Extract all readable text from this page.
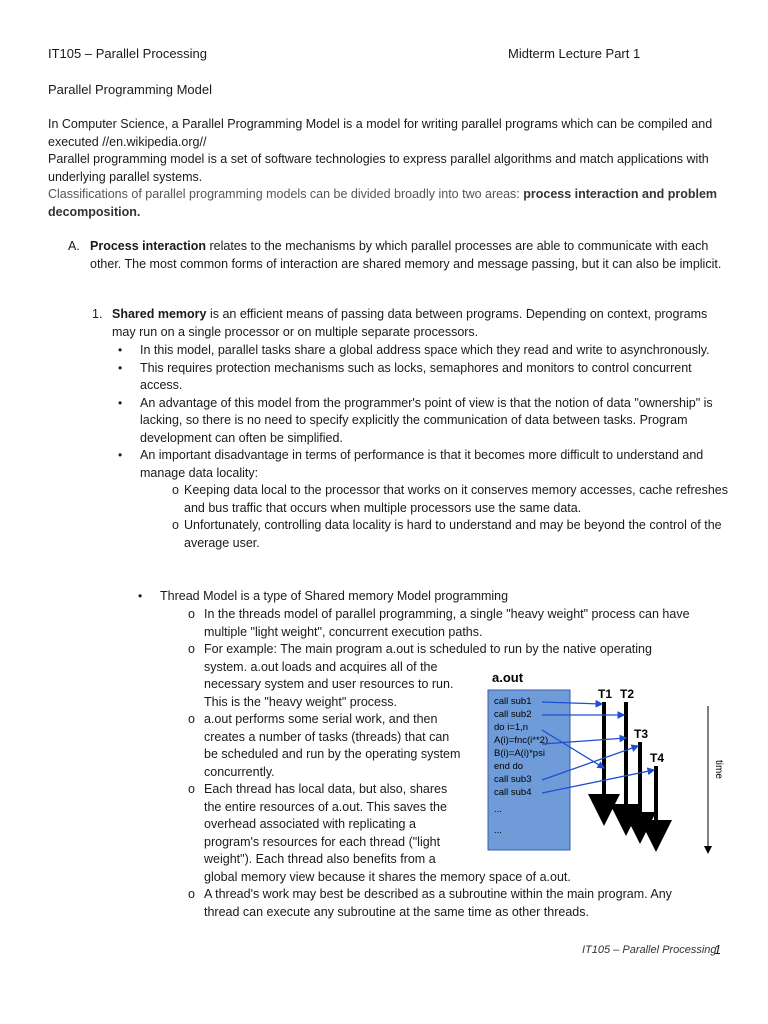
IT105 – Parallel Processing	Midterm Lecture Part 1
Parallel Programming Model

In Computer Science, a Parallel Programming Model is a model for writing parallel programs which can be compiled and executed //en.wikipedia.org//

Parallel programming model is a set of software technologies to express parallel algorithms and match applications with underlying parallel systems.

Classifications of parallel programming models can be divided broadly into two areas: process interaction and problem decomposition.

A. Process interaction relates to the mechanisms by which parallel processes are able to communicate with each other. The most common forms of interaction are shared memory and message passing, but it can also be implicit.
1. Shared memory is an efficient means of passing data between programs. Depending on context, programs may run on a single processor or on multiple separate processors.
• In this model, parallel tasks share a global address space which they read and write to asynchronously.
• This requires protection mechanisms such as locks, semaphores and monitors to control concurrent access.
• An advantage of this model from the programmer's point of view is that the notion of data "ownership" is lacking, so there is no need to specify explicitly the communication of data between tasks. Program development can often be simplified.
• An important disadvantage in terms of performance is that it becomes more difficult to understand and manage data locality:
o Keeping data local to the processor that works on it conserves memory accesses, cache refreshes and bus traffic that occurs when multiple processors use the same data.
o Unfortunately, controlling data locality is hard to understand and may be beyond the control of the average user.
• Thread Model is a type of Shared memory Model programming
o In the threads model of parallel programming, a single "heavy weight" process can have
multiple "light weight", concurrent execution paths.
o For example: The main program a.out is scheduled to run by the native operating
system. a.out loads and acquires all of the
necessary system and user resources to run.
This is the "heavy weight" process.
o a.out performs some serial work, and then
creates a number of tasks (threads) that can
be scheduled and run by the operating system
concurrently.
o Each thread has local data, but also, shares
the entire resources of a.out. This saves the
overhead associated with replicating a
program's resources for each thread ("light
weight"). Each thread also benefits from a
global memory view because it shares the memory space of a.out.
o A thread's work may best be described as a subroutine within the main program. Any
thread can execute any subroutine at the same time as other threads.
a.out
call sub1
call sub2
do i=1,n
A(i)=fnc(i**2)
B(i)=A(i)*psi
end do
call sub3
call sub4
...
...
T1 T2
T3
T4
time
IT105 – Parallel Processing
1
